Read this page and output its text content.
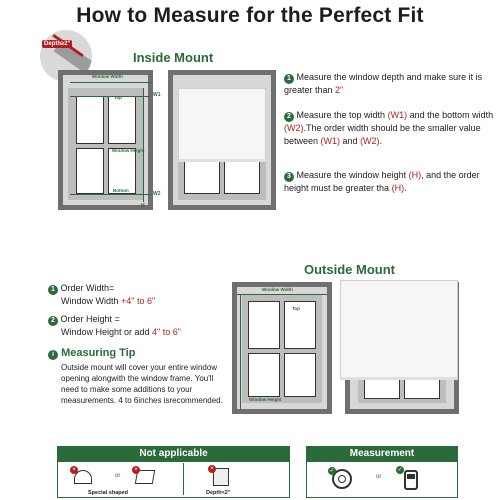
How to Measure for the Perfect Fit
Inside Mount
Depth≥2"
Window Width
Top	W1
Window Height
Bottom
W2
H
1 Measure the window depth and make sure it is greater than 2"
2 Measure the top width (W1) and the bottom width (W2).The order width should be the smaller value between (W1) and (W2).
3 Measure the window height (H), and the order height must be greater tha (H).
Outside Mount
1 Order Width=
Window Width +4" to 6"
2 Order Height =
Window Height or add 4" to 6"
i Measuring Tip
Outside mount will cover your entire window opening alongwith the window frame. You'll need to make some additions to your measurements. 4 to 6inches isrecommended.
Window Width
Top
Window Height
Not applicable
×
or
×
Special shaped
×
Depth<2"
Measurement
✓
or
✓
